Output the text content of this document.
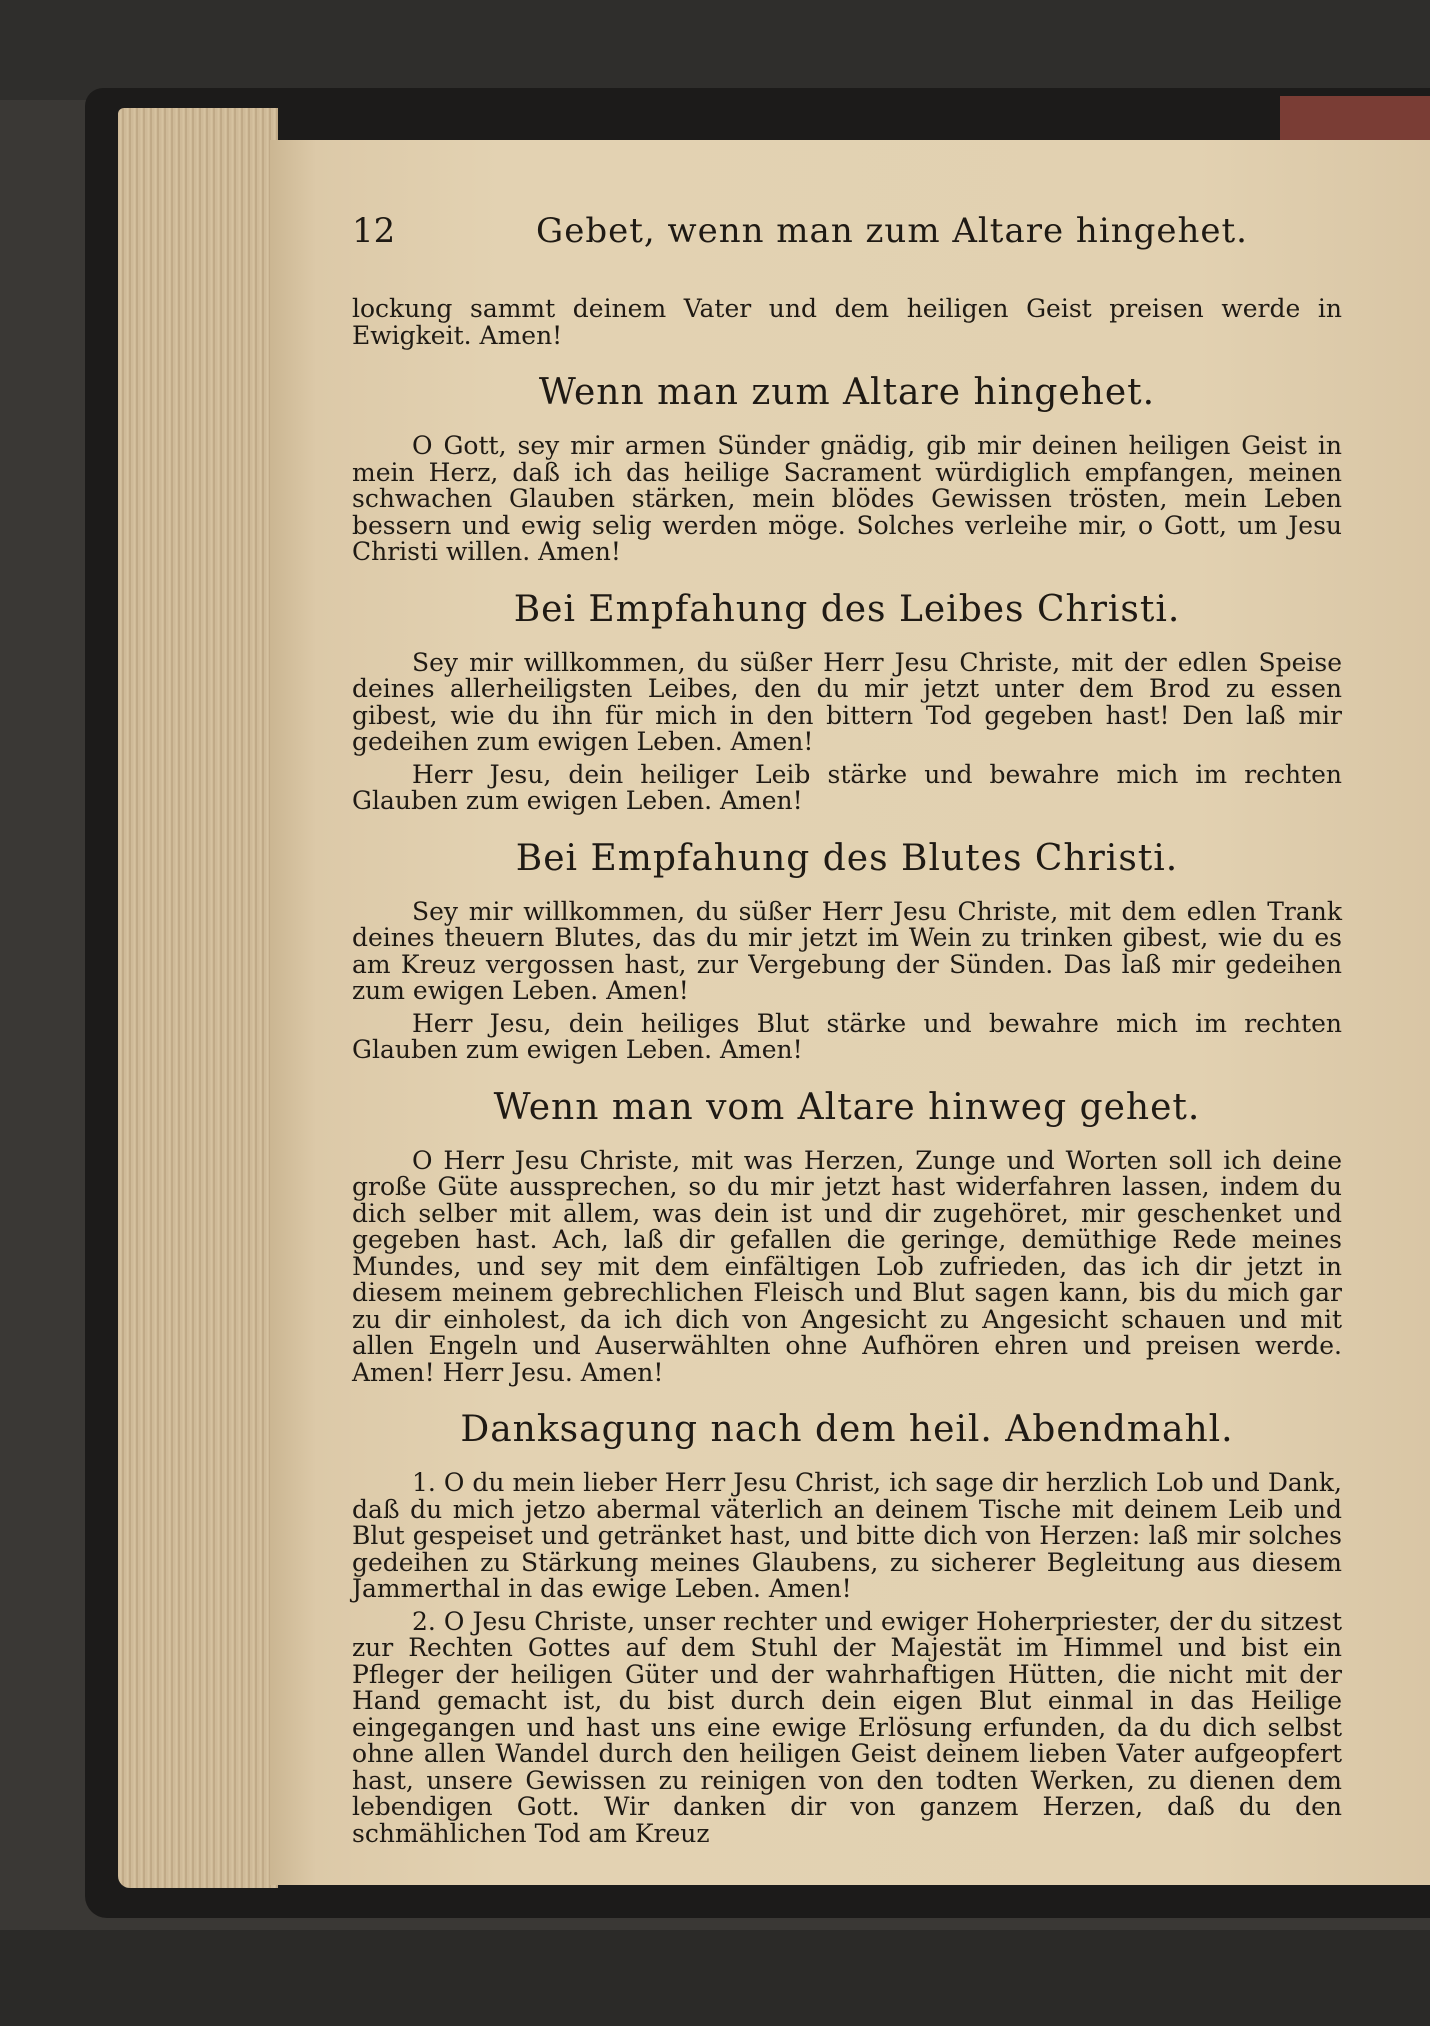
12	Gebet, wenn man zum Altare hingehet.

lockung sammt deinem Vater und dem heiligen Geist preisen werde in Ewigkeit. Amen!

Wenn man zum Altare hingehet.

O Gott, sey mir armen Sünder gnädig, gib mir deinen heiligen Geist in mein Herz, daß ich das heilige Sacrament würdiglich empfangen, meinen schwachen Glauben stärken, mein blödes Gewissen trösten, mein Leben bessern und ewig selig werden möge. Solches verleihe mir, o Gott, um Jesu Christi willen. Amen!

Bei Empfahung des Leibes Christi.

Sey mir willkommen, du süßer Herr Jesu Christe, mit der edlen Speise deines allerheiligsten Leibes, den du mir jetzt unter dem Brod zu essen gibest, wie du ihn für mich in den bittern Tod gegeben hast! Den laß mir gedeihen zum ewigen Leben. Amen!

Herr Jesu, dein heiliger Leib stärke und bewahre mich im rechten Glauben zum ewigen Leben. Amen!

Bei Empfahung des Blutes Christi.

Sey mir willkommen, du süßer Herr Jesu Christe, mit dem edlen Trank deines theuern Blutes, das du mir jetzt im Wein zu trinken gibest, wie du es am Kreuz vergossen hast, zur Vergebung der Sünden. Das laß mir gedeihen zum ewigen Leben. Amen!

Herr Jesu, dein heiliges Blut stärke und bewahre mich im rechten Glauben zum ewigen Leben. Amen!

Wenn man vom Altare hinweg gehet.

O Herr Jesu Christe, mit was Herzen, Zunge und Worten soll ich deine große Güte aussprechen, so du mir jetzt hast widerfahren lassen, indem du dich selber mit allem, was dein ist und dir zugehöret, mir geschenket und gegeben hast. Ach, laß dir gefallen die geringe, demüthige Rede meines Mundes, und sey mit dem einfältigen Lob zufrieden, das ich dir jetzt in diesem meinem gebrechlichen Fleisch und Blut sagen kann, bis du mich gar zu dir einholest, da ich dich von Angesicht zu Angesicht schauen und mit allen Engeln und Auserwählten ohne Aufhören ehren und preisen werde. Amen! Herr Jesu. Amen!

Danksagung nach dem heil. Abendmahl.

1. O du mein lieber Herr Jesu Christ, ich sage dir herzlich Lob und Dank, daß du mich jetzo abermal väterlich an deinem Tische mit deinem Leib und Blut gespeiset und getränket hast, und bitte dich von Herzen: laß mir solches gedeihen zu Stärkung meines Glaubens, zu sicherer Begleitung aus diesem Jammerthal in das ewige Leben. Amen!

2. O Jesu Christe, unser rechter und ewiger Hoherpriester, der du sitzest zur Rechten Gottes auf dem Stuhl der Majestät im Himmel und bist ein Pfleger der heiligen Güter und der wahrhaftigen Hütten, die nicht mit der Hand gemacht ist, du bist durch dein eigen Blut einmal in das Heilige eingegangen und hast uns eine ewige Erlösung erfunden, da du dich selbst ohne allen Wandel durch den heiligen Geist deinem lieben Vater aufgeopfert hast, unsere Gewissen zu reinigen von den todten Werken, zu dienen dem lebendigen Gott. Wir danken dir von ganzem Herzen, daß du den schmählichen Tod am Kreuz
